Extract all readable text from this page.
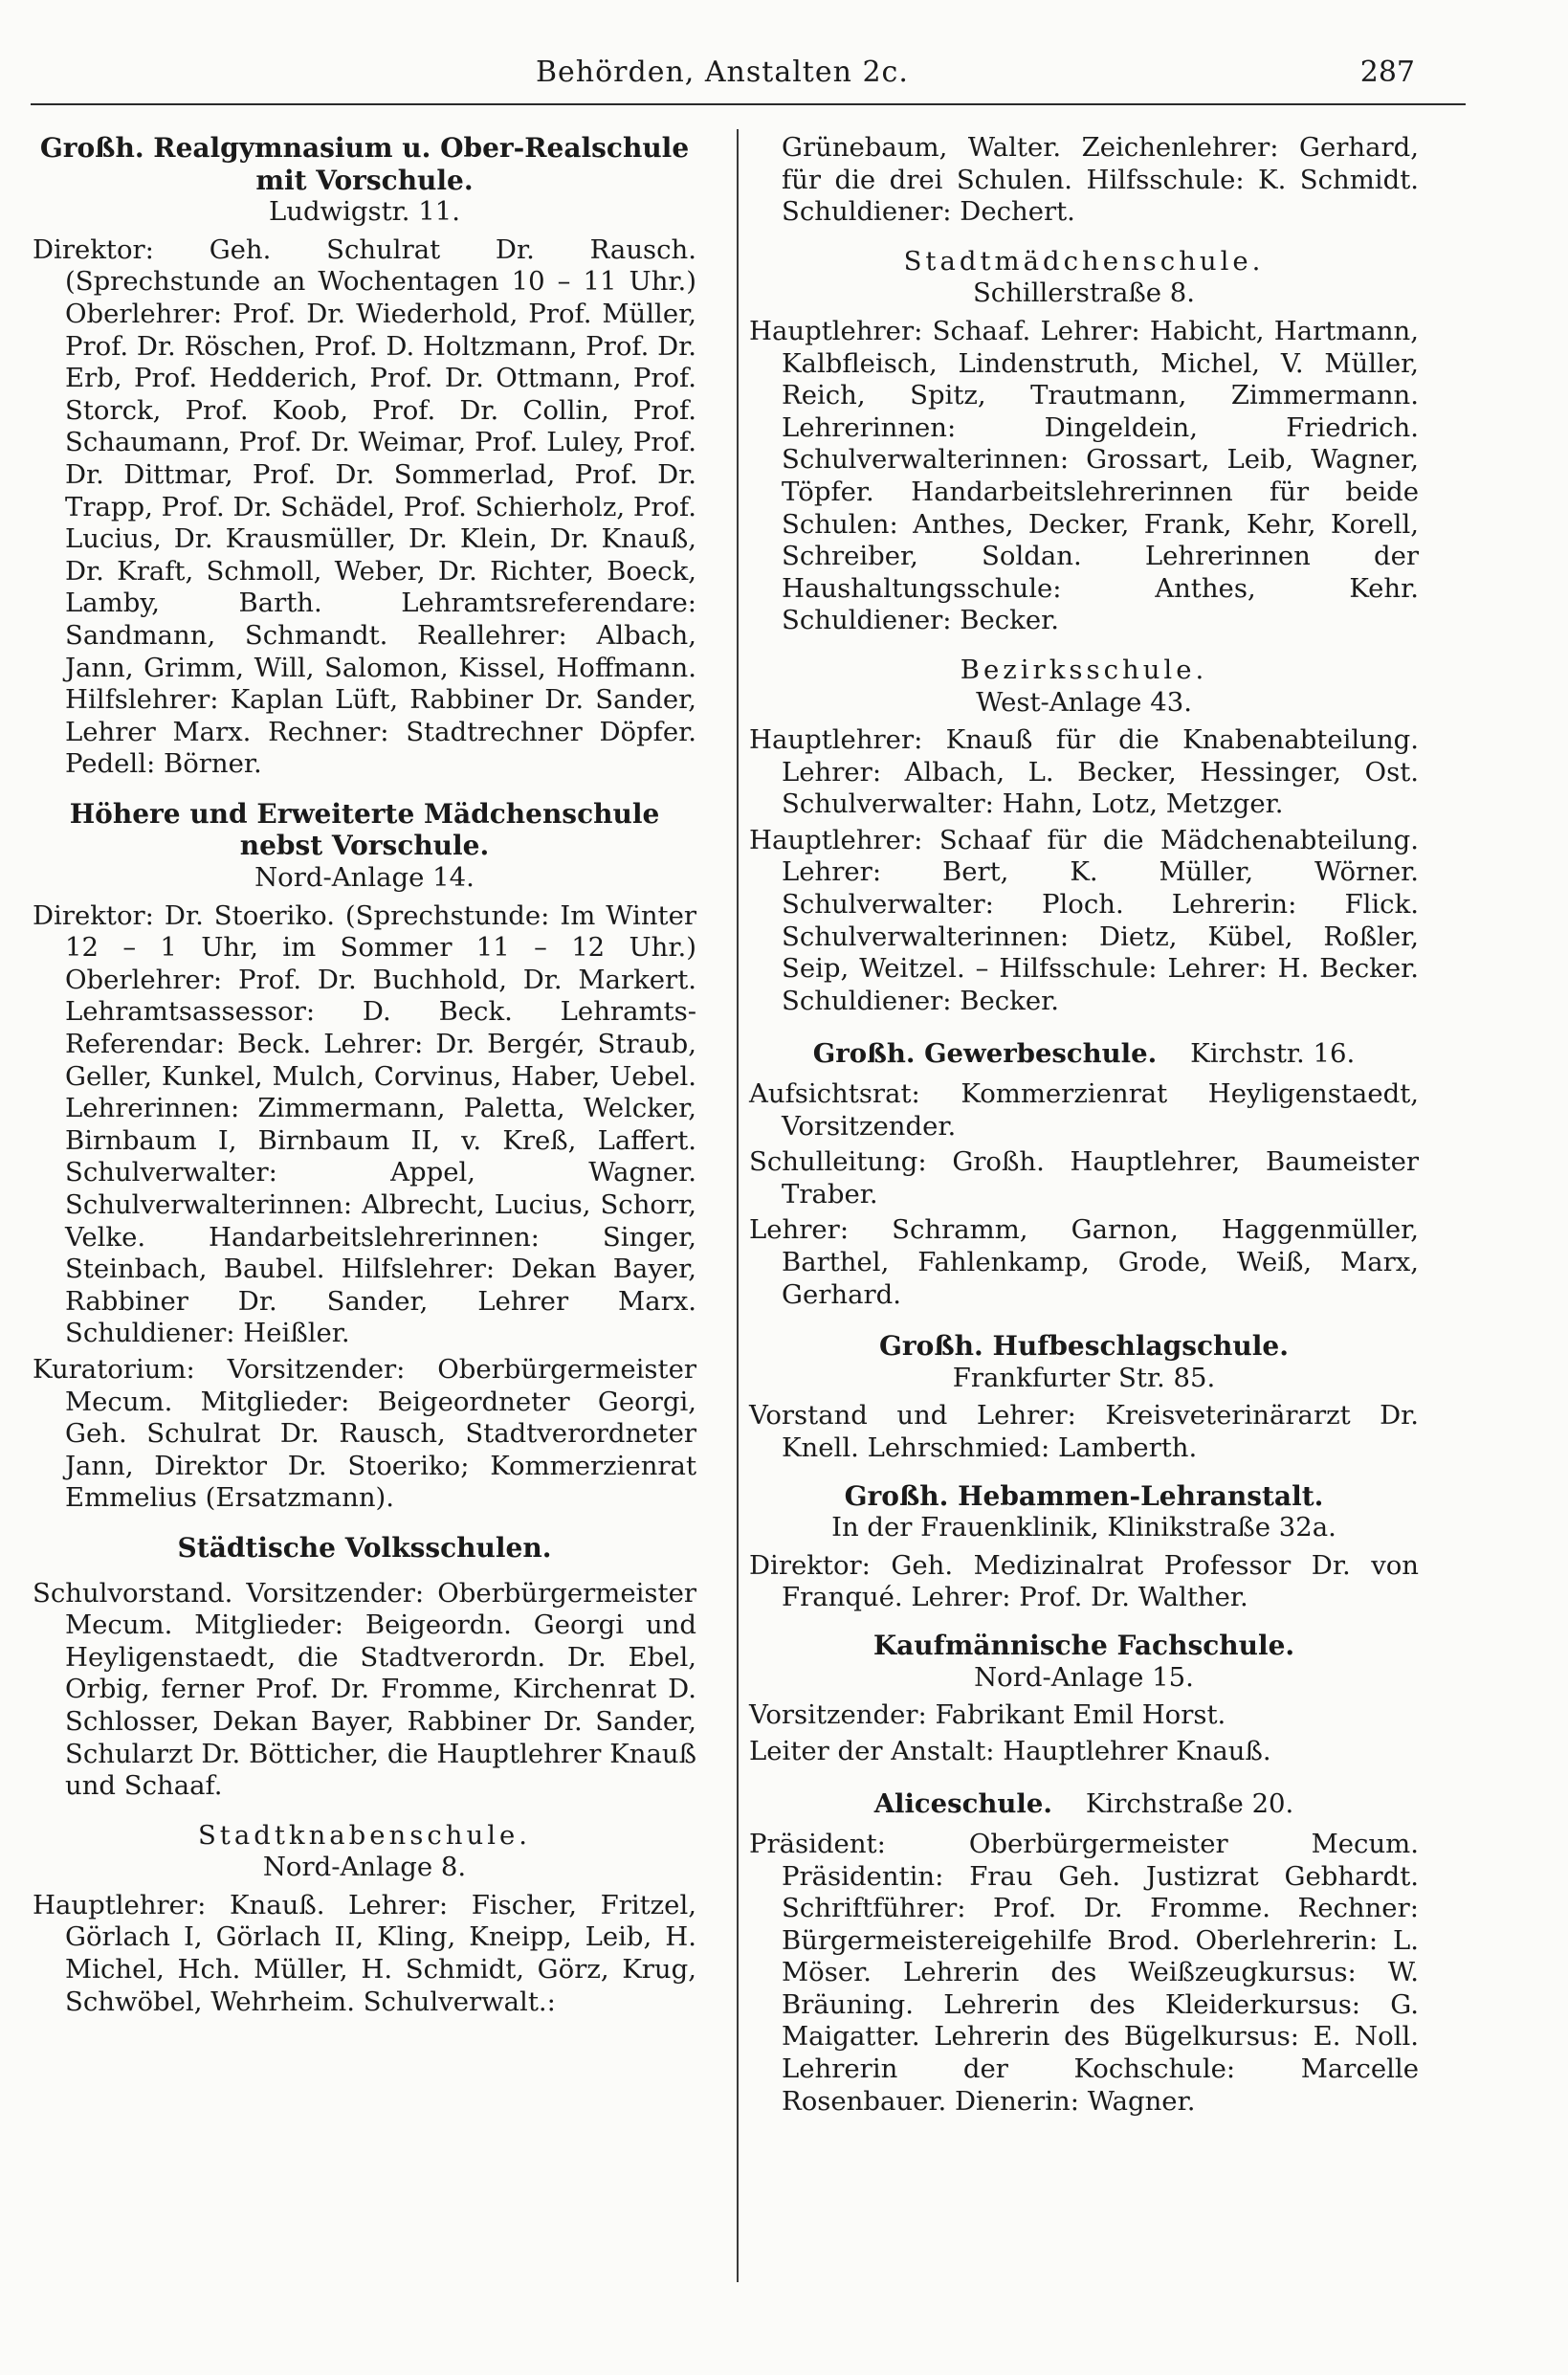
Behörden, Anstalten 2c.	287

Großh. Realgymnasium u. Ober-Realschule

mit Vorschule.

Ludwigstr. 11.

Direktor: Geh. Schulrat Dr. Rausch. (Sprechstunde an Wochentagen 10 – 11 Uhr.) Oberlehrer: Prof. Dr. Wiederhold, Prof. Müller, Prof. Dr. Röschen, Prof. D. Holtzmann, Prof. Dr. Erb, Prof. Hedderich, Prof. Dr. Ottmann, Prof. Storck, Prof. Koob, Prof. Dr. Collin, Prof. Schaumann, Prof. Dr. Weimar, Prof. Luley, Prof. Dr. Dittmar, Prof. Dr. Sommerlad, Prof. Dr. Trapp, Prof. Dr. Schädel, Prof. Schierholz, Prof. Lucius, Dr. Krausmüller, Dr. Klein, Dr. Knauß, Dr. Kraft, Schmoll, Weber, Dr. Richter, Boeck, Lamby, Barth. Lehramtsreferendare: Sandmann, Schmandt. Reallehrer: Albach, Jann, Grimm, Will, Salomon, Kissel, Hoffmann. Hilfslehrer: Kaplan Lüft, Rabbiner Dr. Sander, Lehrer Marx. Rechner: Stadtrechner Döpfer. Pedell: Börner.

Höhere und Erweiterte Mädchenschule

nebst Vorschule.

Nord-Anlage 14.

Direktor: Dr. Stoeriko. (Sprechstunde: Im Winter 12 – 1 Uhr, im Sommer 11 – 12 Uhr.) Oberlehrer: Prof. Dr. Buchhold, Dr. Markert. Lehramtsassessor: D. Beck. Lehramts-Referendar: Beck. Lehrer: Dr. Bergér, Straub, Geller, Kunkel, Mulch, Corvinus, Haber, Uebel. Lehrerinnen: Zimmermann, Paletta, Welcker, Birnbaum I, Birnbaum II, v. Kreß, Laffert. Schulverwalter: Appel, Wagner. Schulverwalterinnen: Albrecht, Lucius, Schorr, Velke. Handarbeitslehrerinnen: Singer, Steinbach, Baubel. Hilfslehrer: Dekan Bayer, Rabbiner Dr. Sander, Lehrer Marx. Schuldiener: Heißler.

Kuratorium: Vorsitzender: Oberbürgermeister Mecum. Mitglieder: Beigeordneter Georgi, Geh. Schulrat Dr. Rausch, Stadtverordneter Jann, Direktor Dr. Stoeriko; Kommerzienrat Emmelius (Ersatzmann).

Städtische Volksschulen.

Schulvorstand. Vorsitzender: Oberbürgermeister Mecum. Mitglieder: Beigeordn. Georgi und Heyligenstaedt, die Stadtverordn. Dr. Ebel, Orbig, ferner Prof. Dr. Fromme, Kirchenrat D. Schlosser, Dekan Bayer, Rabbiner Dr. Sander, Schularzt Dr. Bötticher, die Hauptlehrer Knauß und Schaaf.

Stadtknabenschule.

Nord-Anlage 8.

Hauptlehrer: Knauß. Lehrer: Fischer, Fritzel, Görlach I, Görlach II, Kling, Kneipp, Leib, H. Michel, Hch. Müller, H. Schmidt, Görz, Krug, Schwöbel, Wehrheim. Schulverwalt.:

Grünebaum, Walter. Zeichenlehrer: Gerhard, für die drei Schulen. Hilfsschule: K. Schmidt. Schuldiener: Dechert.

Stadtmädchenschule.

Schillerstraße 8.

Hauptlehrer: Schaaf. Lehrer: Habicht, Hartmann, Kalbfleisch, Lindenstruth, Michel, V. Müller, Reich, Spitz, Trautmann, Zimmermann. Lehrerinnen: Dingeldein, Friedrich. Schulverwalterinnen: Grossart, Leib, Wagner, Töpfer. Handarbeitslehrerinnen für beide Schulen: Anthes, Decker, Frank, Kehr, Korell, Schreiber, Soldan. Lehrerinnen der Haushaltungsschule: Anthes, Kehr. Schuldiener: Becker.

Bezirksschule.

West-Anlage 43.

Hauptlehrer: Knauß für die Knabenabteilung. Lehrer: Albach, L. Becker, Hessinger, Ost. Schulverwalter: Hahn, Lotz, Metzger.

Hauptlehrer: Schaaf für die Mädchenabteilung. Lehrer: Bert, K. Müller, Wörner. Schulverwalter: Ploch. Lehrerin: Flick. Schulverwalterinnen: Dietz, Kübel, Roßler, Seip, Weitzel. – Hilfsschule: Lehrer: H. Becker. Schuldiener: Becker.

Großh. Gewerbeschule. Kirchstr. 16.

Aufsichtsrat: Kommerzienrat Heyligenstaedt, Vorsitzender.

Schulleitung: Großh. Hauptlehrer, Baumeister Traber.

Lehrer: Schramm, Garnon, Haggenmüller, Barthel, Fahlenkamp, Grode, Weiß, Marx, Gerhard.

Großh. Hufbeschlagschule.

Frankfurter Str. 85.

Vorstand und Lehrer: Kreisveterinärarzt Dr. Knell. Lehrschmied: Lamberth.

Großh. Hebammen-Lehranstalt.

In der Frauenklinik, Klinikstraße 32a.

Direktor: Geh. Medizinalrat Professor Dr. von Franqué. Lehrer: Prof. Dr. Walther.

Kaufmännische Fachschule.

Nord-Anlage 15.

Vorsitzender: Fabrikant Emil Horst.

Leiter der Anstalt: Hauptlehrer Knauß.

Aliceschule. Kirchstraße 20.

Präsident: Oberbürgermeister Mecum. Präsidentin: Frau Geh. Justizrat Gebhardt. Schriftführer: Prof. Dr. Fromme. Rechner: Bürgermeistereigehilfe Brod. Oberlehrerin: L. Möser. Lehrerin des Weißzeugkursus: W. Bräuning. Lehrerin des Kleiderkursus: G. Maigatter. Lehrerin des Bügelkursus: E. Noll. Lehrerin der Kochschule: Marcelle Rosenbauer. Dienerin: Wagner.
